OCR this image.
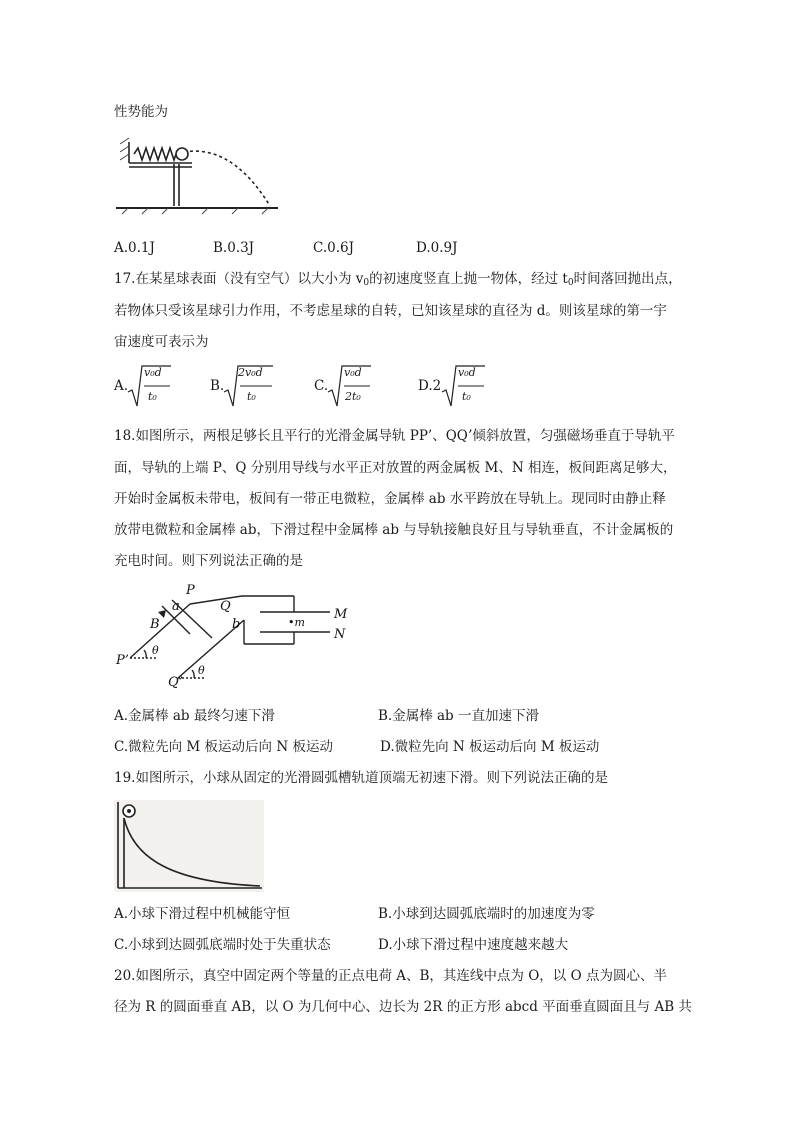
性势能为
A.0.1J	B.0.3J	C.0.6J	D.0.9J
17.在某星球表面（没有空气）以大小为 $v_0$的初速度竖直上抛一物体，经过 $t_0$时间落回抛出点，
若物体只受该星球引力作用，不考虑星球的自转，已知该星球的直径为 d。则该星球的第一宇
宙速度可表示为
A.
v₀d
t₀
B.
2v₀d
t₀
C.
v₀d
2t₀
D.2
v₀d
t₀
18.如图所示，两根足够长且平行的光滑金属导轨 PP’、QQ’倾斜放置，匀强磁场垂直于导轨平
面，导轨的上端 P、Q 分别用导线与水平正对放置的两金属板 M、N 相连，板间距离足够大，
开始时金属板未带电，板间有一带正电微粒，金属棒 ab 水平跨放在导轨上。现同时由静止释
放带电微粒和金属棒 ab，下滑过程中金属棒 ab 与导轨接触良好且与导轨垂直，不计金属板的
充电时间。则下列说法正确的是
P
Q
a
b
B
M
N
•m
P’
Q’
θ
θ
A.金属棒 ab 最终匀速下滑	B.金属棒 ab 一直加速下滑
C.微粒先向 M 板运动后向 N 板运动	D.微粒先向 N 板运动后向 M 板运动
19.如图所示，小球从固定的光滑圆弧槽轨道顶端无初速下滑。则下列说法正确的是
A.小球下滑过程中机械能守恒	B.小球到达圆弧底端时的加速度为零
C.小球到达圆弧底端时处于失重状态	D.小球下滑过程中速度越来越大
20.如图所示，真空中固定两个等量的正点电荷 A、B，其连线中点为 O，以 O 点为圆心、半
径为 R 的圆面垂直 AB，以 O 为几何中心、边长为 2R 的正方形 abcd 平面垂直圆面且与 AB 共
